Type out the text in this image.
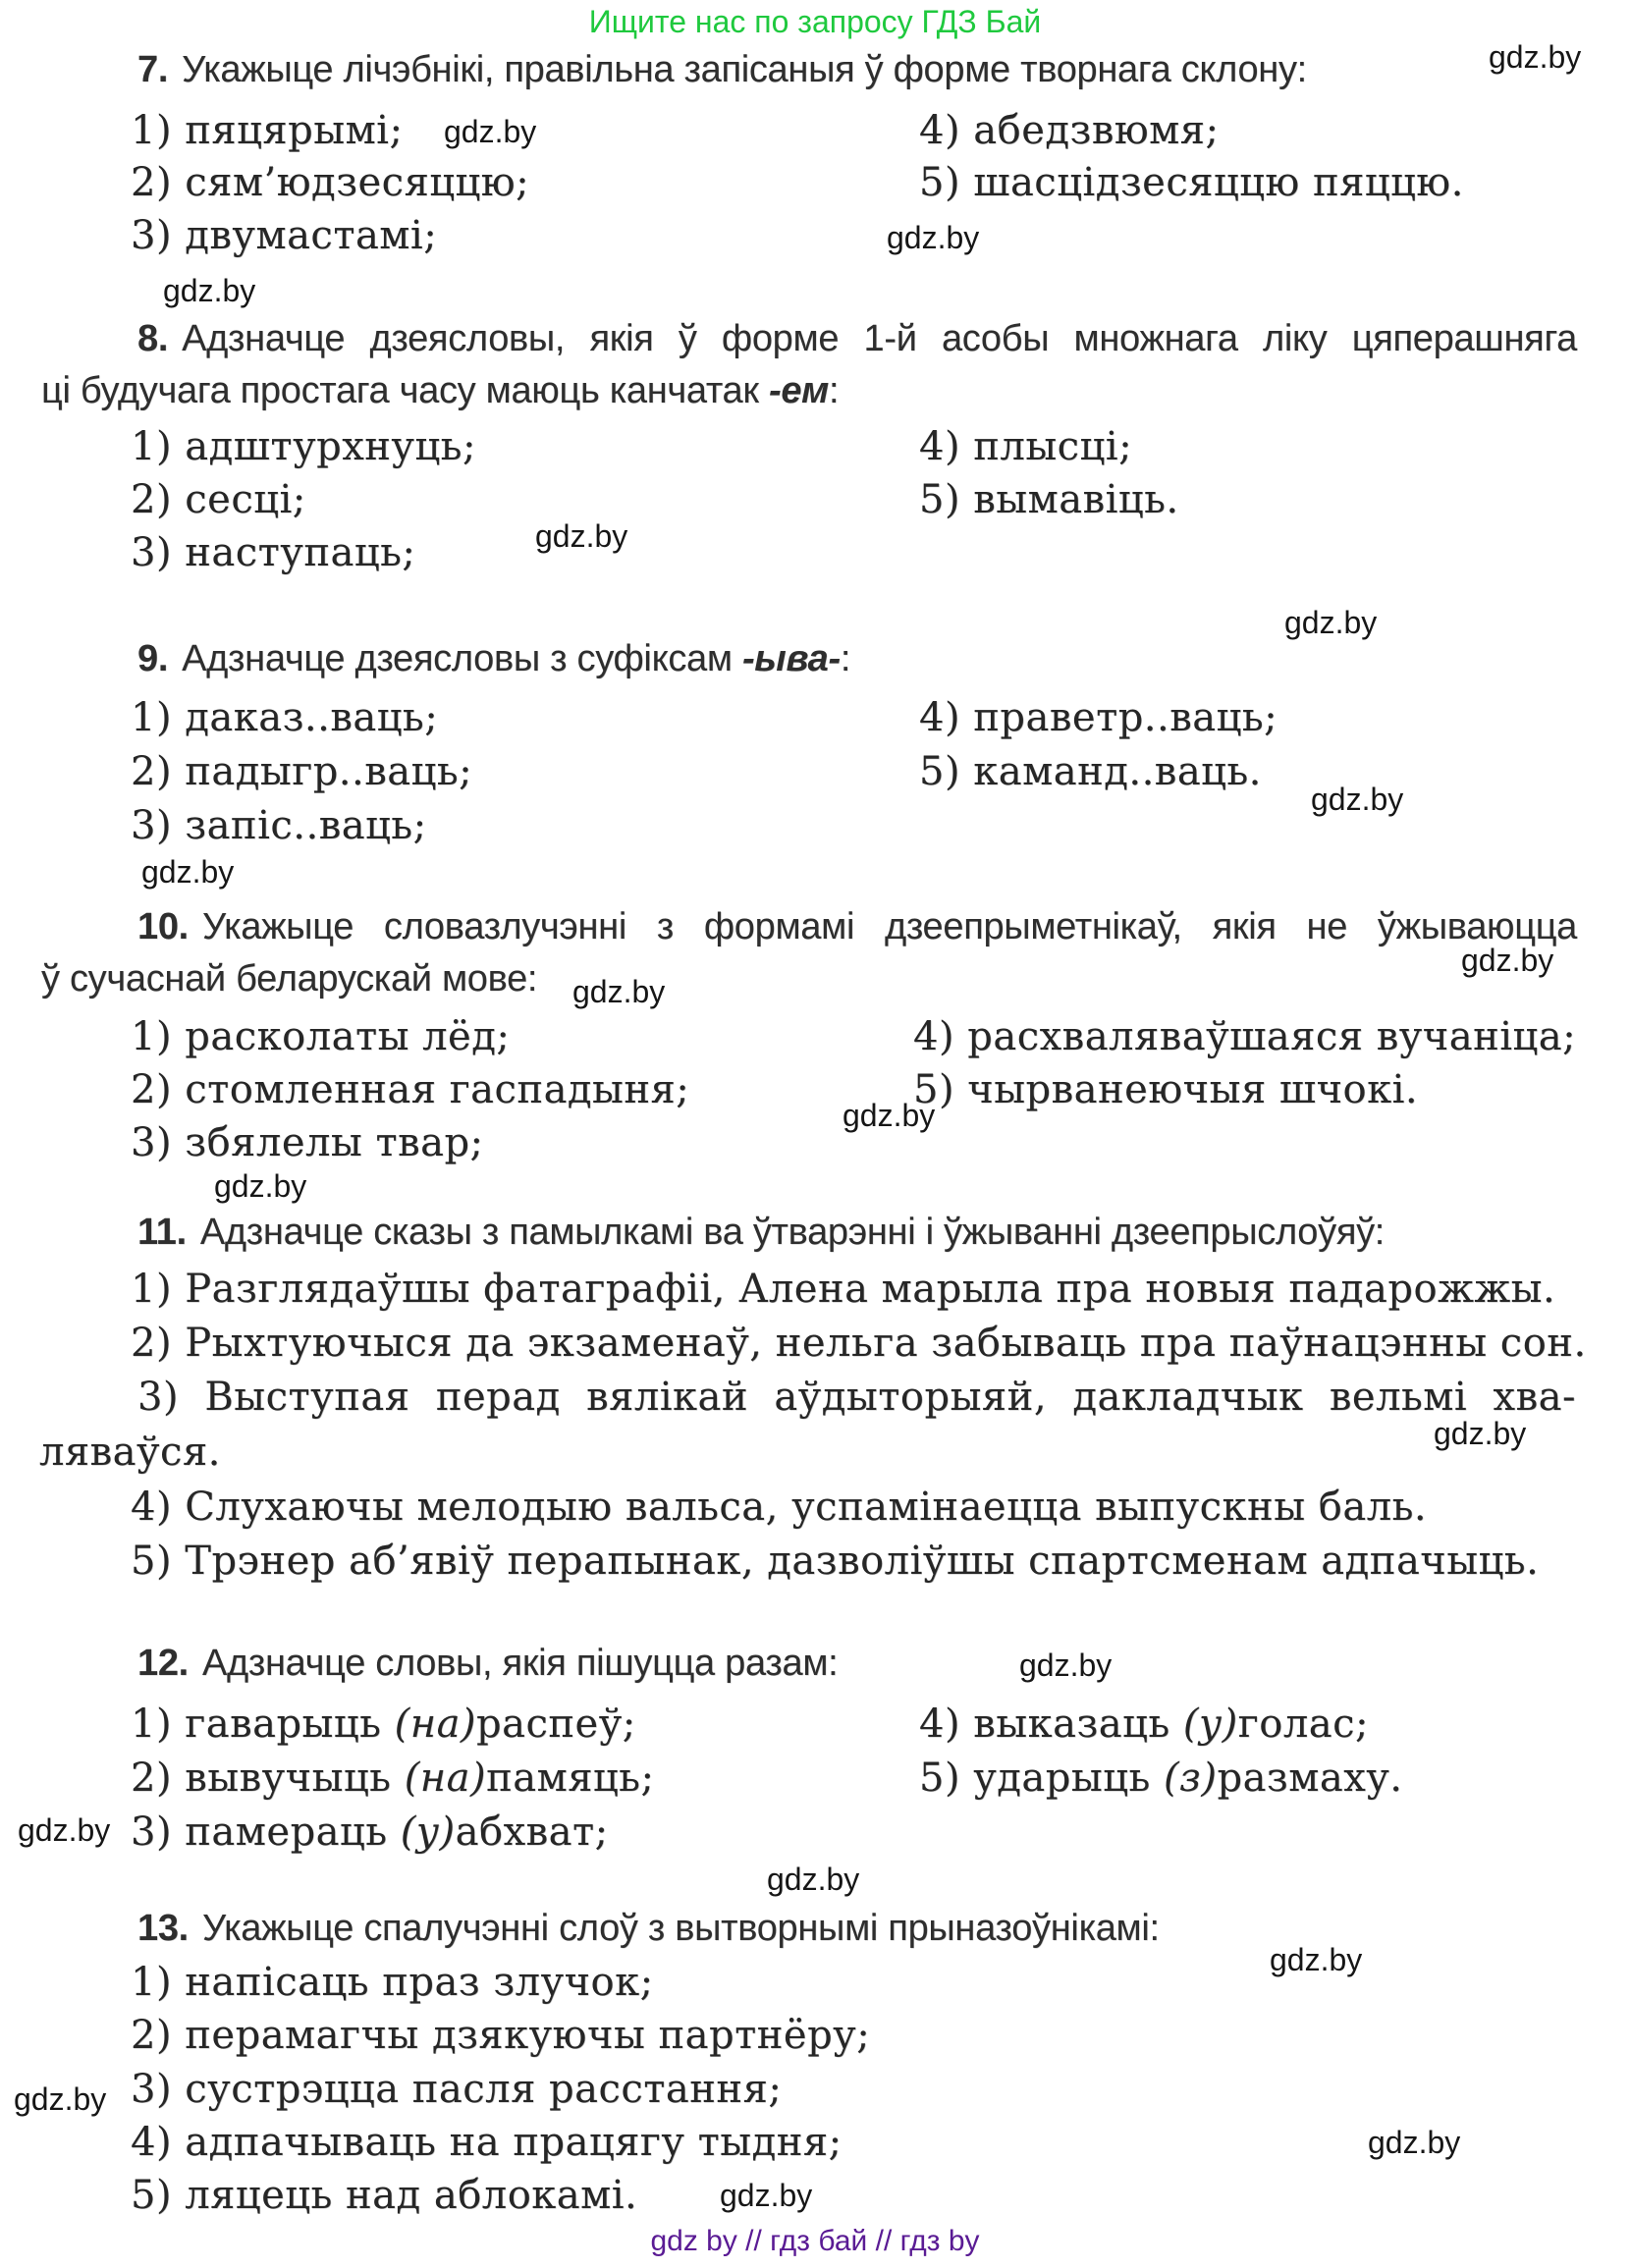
Ищите нас по запросу ГДЗ Бай
7. Укажыце лічэбнікі, правільна запісаныя ў форме творнага склону:
1) пяцярымі;	4) абедзвюмя;
2) сям’юдзесяццю;	5) шасцідзесяццю пяццю.
3) двумастамі;
8. Адзначце дзеясловы, якія ў форме 1-й асобы множнага ліку цяперашняга
ці будучага простага часу маюць канчатак -ем:
1) адштурхнуць;	4) плысці;
2) сесці;	5) вымавіць.
3) наступаць;
9. Адзначце дзеясловы з суфіксам -ыва-:
1) даказ..ваць;	4) праветр..ваць;
2) падыгр..ваць;	5) каманд..ваць.
3) запіс..ваць;
10. Укажыце словазлучэнні з формамі дзеепрыметнікаў, якія не ўжываюцца
ў сучаснай беларускай мове:
1) расколаты лёд;	4) расхваляваўшаяся вучаніца;
2) стомленная гаспадыня;	5) чырванеючыя шчокі.
3) збялелы твар;
11. Адзначце сказы з памылкамі ва ўтварэнні і ўжыванні дзеепрыслоўяў:
1) Разглядаўшы фатаграфіі, Алена марыла пра новыя падарожжы.
2) Рыхтуючыся да экзаменаў, нельга забываць пра паўнацэнны сон.
3) Выступая перад вялікай аўдыторыяй, дакладчык вельмі хва-
ляваўся.
4) Слухаючы мелодыю вальса, успамінаецца выпускны баль.
5) Трэнер аб’явіў перапынак, дазволіўшы спартсменам адпачыць.
12. Адзначце словы, якія пішуцца разам:
1) гаварыць (на)распеў;	4) выказаць (у)голас;
2) вывучыць (на)памяць;	5) ударыць (з)размаху.
3) памераць (у)абхват;
13. Укажыце спалучэнні слоў з вытворнымі прыназоўнікамі:
1) напісаць праз злучок;
2) перамагчы дзякуючы партнёру;
3) сустрэцца пасля расстання;
4) адпачываць на працягу тыдня;
5) ляцець над аблокамі.
gdz.by
gdz.by
gdz.by
gdz.by
gdz.by
gdz.by
gdz.by
gdz.by
gdz.by
gdz.by
gdz.by
gdz.by
gdz.by
gdz.by
gdz.by
gdz.by
gdz.by
gdz.by
gdz.by
gdz.by
gdz by // гдз бай // гдз by
